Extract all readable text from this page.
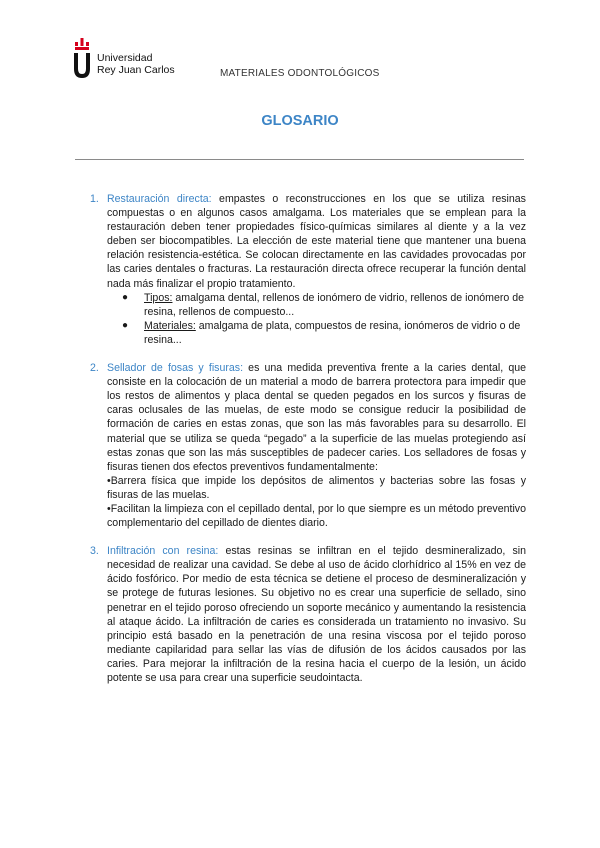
Universidad
Rey Juan Carlos	MATERIALES ODONTOLÓGICOS
GLOSARIO
1. Restauración directa: empastes o reconstrucciones en los que se utiliza resinas compuestas o en algunos casos amalgama. Los materiales que se emplean para la restauración deben tener propiedades físico-químicas similares al diente y a la vez deben ser biocompatibles. La elección de este material tiene que mantener una buena relación resistencia-estética. Se colocan directamente en las cavidades provocadas por las caries dentales o fracturas. La restauración directa ofrece recuperar la función dental nada más finalizar el propio tratamiento.

● Tipos: amalgama dental, rellenos de ionómero de vidrio, rellenos de ionómero de resina, rellenos de compuesto...
● Materiales: amalgama de plata, compuestos de resina, ionómeros de vidrio o de resina...
2. Sellador de fosas y fisuras: es una medida preventiva frente a la caries dental, que consiste en la colocación de un material a modo de barrera protectora para impedir que los restos de alimentos y placa dental se queden pegados en los surcos y fisuras de caras oclusales de las muelas, de este modo se consigue reducir la posibilidad de formación de caries en estas zonas, que son las más favorables para su desarrollo. El material que se utiliza se queda “pegado” a la superficie de las muelas protegiendo así estas zonas que son las más susceptibles de padecer caries. Los selladores de fosas y fisuras tienen dos efectos preventivos fundamentalmente:

•Barrera física que impide los depósitos de alimentos y bacterias sobre las fosas y fisuras de las muelas.

•Facilitan la limpieza con el cepillado dental, por lo que siempre es un método preventivo complementario del cepillado de dientes diario.

3. Infiltración con resina: estas resinas se infiltran en el tejido desmineralizado, sin necesidad de realizar una cavidad. Se debe al uso de ácido clorhídrico al 15% en vez de ácido fosfórico. Por medio de esta técnica se detiene el proceso de desmineralización y se protege de futuras lesiones. Su objetivo no es crear una superficie de sellado, sino penetrar en el tejido poroso ofreciendo un soporte mecánico y aumentando la resistencia al ataque ácido. La infiltración de caries es considerada un tratamiento no invasivo. Su principio está basado en la penetración de una resina viscosa por el tejido poroso mediante capilaridad para sellar las vías de difusión de los ácidos causados por las caries. Para mejorar la infiltración de la resina hacia el cuerpo de la lesión, un ácido potente se usa para crear una superficie seudointacta.
